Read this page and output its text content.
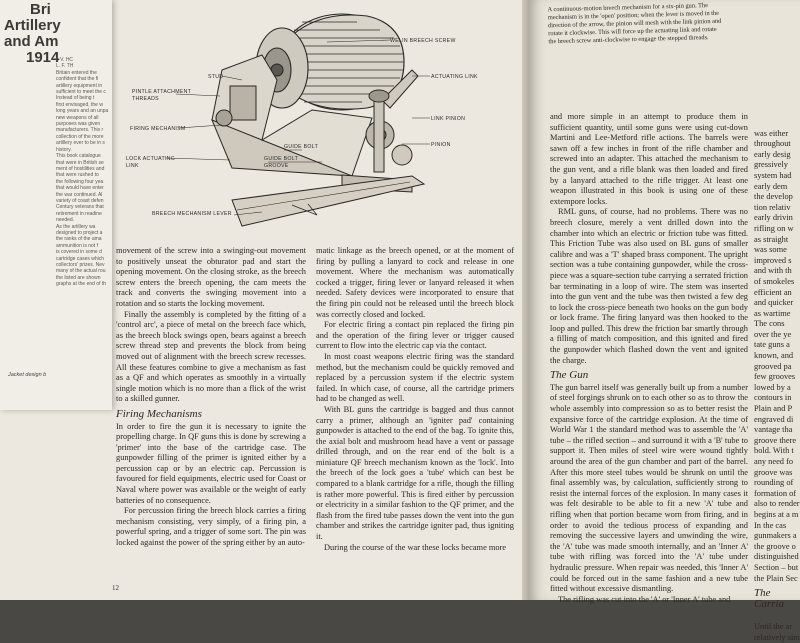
Bri
Artillery
and Am
1914
I. V. HC
L. F. TH
Britain entered the
confident that the fi
artillery equipment in
sufficient to meet the c
Instead of being t
first envisaged, the w
long years and an unpa
new weapons of all
purposes was given
manufacturers. This r
collection of the more
artillery ever to be in s
history.
This book catalogue
that were in British se
ment of hostilities and
that were rushed to
the following four yea
that would have enter
the war continued. Al
variety of coast defen
Century veterans that
retirement in readine
needed.
As the artillery wa
designed to project a
the ranks of the ama
ammunition is not f
is covered in some d
cartridge cases which
collectors' prizes. Nev
many of the actual rou
the listed are shown
graphs at the end of th
Jacket design b
WELIN BREECH SCREW
STUD	ACTUATING LINK
PINTLE ATTACHMENT
THREADS
LINK PINION
FIRING MECHANISM
PINION
GUIDE BOLT
LOCK ACTUATING
LINK
GUIDE BOLT
GROOVE
BREECH MECHANISM LEVER

movement of the screw into a swinging-out movement to positively unseat the obturator pad and start the opening movement. On the closing stroke, as the breech screw enters the breech opening, the cam meets the track and converts the swinging movement into a rotation and so starts the locking movement.

Finally the assembly is completed by the fitting of a 'control arc', a piece of metal on the breech face which, as the breech block swings open, bears against a breech screw thread step and prevents the block from being moved out of alignment with the breech screw recesses. All these features combine to give a mechanism as fast as a QF and which operates as smoothly in a virtually single motion which is no more than a flick of the wrist to a skilled gunner.

Firing Mechanisms

In order to fire the gun it is necessary to ignite the propelling charge. In QF guns this is done by screwing a 'primer' into the base of the cartridge case. The gunpowder filling of the primer is ignited either by a percussion cap or by an electric cap. Percussion is favoured for field equipments, electric used for Coast or Naval where power was available or the weight of early batteries of no consequence.

For percussion firing the breech block carries a firing mechanism consisting, very simply, of a firing pin, a powerful spring, and a trigger of some sort. The pin was locked against the power of the spring either by an auto-

matic linkage as the breech opened, or at the moment of firing by pulling a lanyard to cock and release in one movement. Where the mechanism was automatically cocked a trigger, firing lever or lanyard released it when needed. Safety devices were incorporated to ensure that the firing pin could not be released until the breech block was correctly closed and locked.

For electric firing a contact pin replaced the firing pin and the operation of the firing lever or trigger caused current to flow into the electric cap via the contact.

In most coast weapons electric firing was the standard method, but the mechanism could be quickly removed and replaced by a percussion system if the electric system failed. In which case, of course, all the cartridge primers had to be changed as well.

With BL guns the cartridge is bagged and thus cannot carry a primer, although an 'igniter pad' containing gunpowder is attached to the end of the bag. To ignite this, the axial bolt and mushroom head have a vent or passage drilled through, and on the rear end of the bolt is a miniature QF breech mechanism known as the 'lock'. Into the breech of the lock goes a 'tube' which can best be compared to a blank cartridge for a rifle, though the filling is rather more powerful. This is fired either by percussion or electricity in a similar fashion to the QF primer, and the flash from the fired tube passes down the vent into the gun chamber and strikes the cartridge igniter pad, thus igniting it.

During the course of the war these locks became more

12

and more simple in an attempt to produce them in sufficient quantity, until some guns were using cut-down Martini and Lee-Metford rifle actions. The barrels were sawn off a few inches in front of the rifle chamber and screwed into an adapter. This attached the mechanism to the gun vent, and a rifle blank was then loaded and fired by a lanyard attached to the rifle trigger. At least one weapon illustrated in this book is using one of these extempore locks.

RML guns, of course, had no problems. There was no breech closure, merely a vent drilled down into the chamber into which an electric or friction tube was fitted. This Friction Tube was also used on BL guns of smaller calibre and was a 'T' shaped brass component. The upright section was a tube containing gunpowder, while the cross-piece was a square-section tube carrying a serrated friction bar terminating in a loop of wire. The stem was inserted into the gun vent and the tube was then twisted a few deg to lock the cross-piece beneath two hooks on the gun body or lock frame. The firing lanyard was then hooked to the loop and pulled. This drew the friction bar smartly through a filling of match composition, and this ignited and fired the gunpowder which flashed down the vent and ignited the charge.

The Gun

The gun barrel itself was generally built up from a number of steel forgings shrunk on to each other so as to throw the whole assembly into compression so as to better resist the expansive force of the cartridge explosion. At the time of World War 1 the standard method was to assemble the 'A' tube – the rifled section – and surround it with a 'B' tube to support it. Then miles of steel wire were wound tightly around the area of the gun chamber and part of the barrel. After this more steel tubes would be shrunk on until the final assembly was, by calculation, sufficiently strong to resist the internal forces of the explosion. In many cases it was felt desirable to be able to fit a new 'A' tube and rifling when that portion became worn from firing, and in order to avoid the tedious process of expanding and removing the successive layers and unwinding the wire, the 'A' tube was made smooth internally, and an 'Inner A' tube with rifling was forced into the 'A' tube under hydraulic pressure. When repair was needed, this 'Inner A' could be forced out in the same fashion and a new tube fitted without excessive dismantling.

The rifling was cut into the 'A' or 'Inner A' tube and

was either
throughout
early desig
gressively
system had
early dem
the develop
tion relativ
early drivin
rifling on w
as straight
was some
improved s
and with th
of smokeles
efficient an
and quicker
as wartime
The cons
over the ye
tate guns a
known, and
grooved pa
few grooves
lowed by a
contours in
Plain and P
engraved di
vantage tha
groove there
bold. With t
any need fo
groove was
rounding of
formation of
also to render
begins at a m
In the cas
gunmakers a
the groove o
distinguished
Section – but
the Plain Sec

The Carria

Until the ar
relatively sim

A continuous-motion breech mechanism for a six-pin gun. The mechanism is in the 'open' position; when the lever is moved in the direction of the arrow, the pinion will mesh with the link pinion and rotate it clockwise. This will force up the actuating link and rotate the breech screw anti-clockwise to engage the stepped threads.
